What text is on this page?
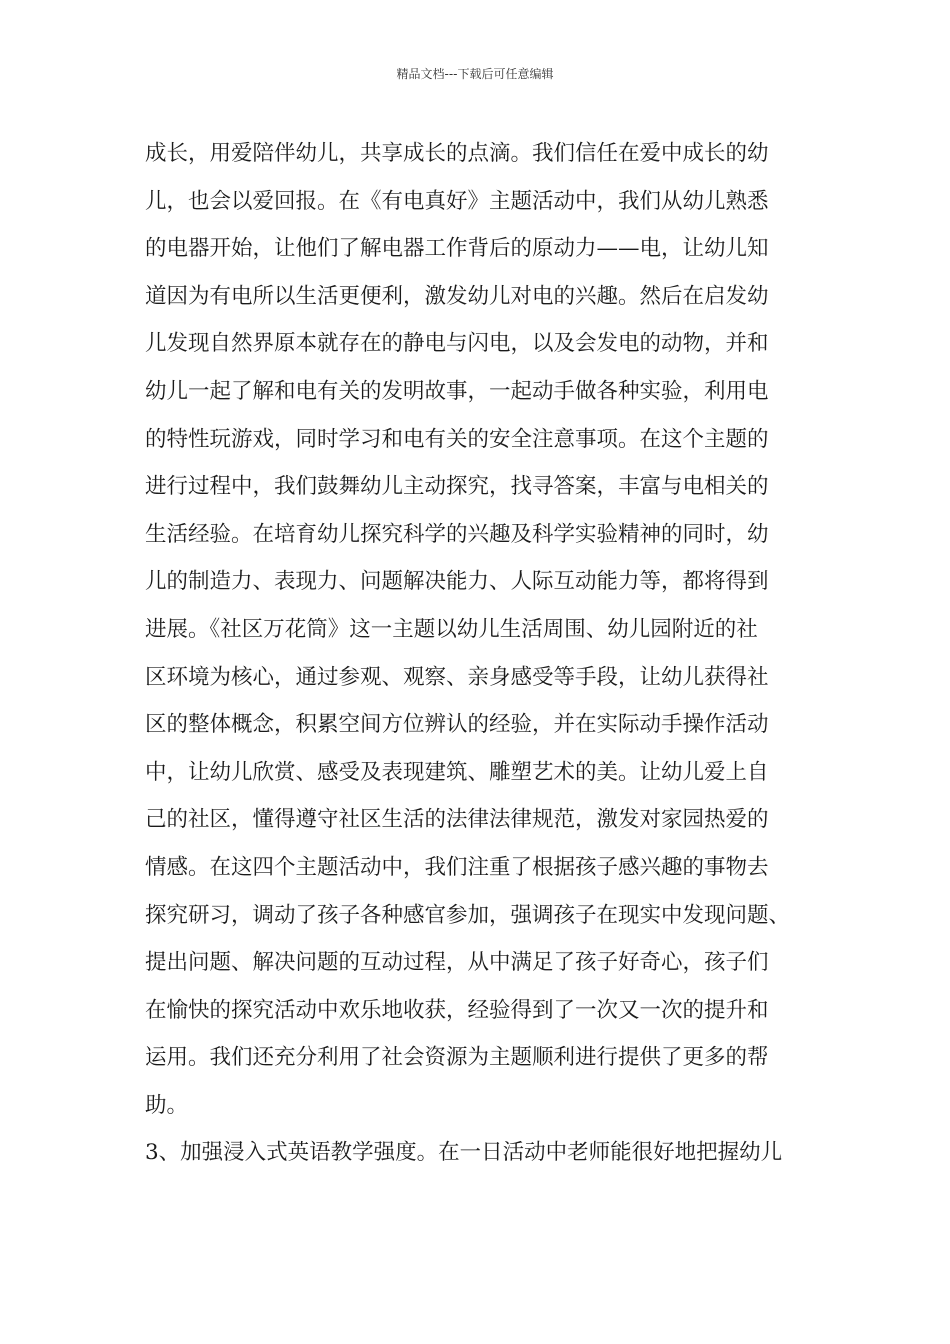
精品文档---下载后可任意编辑
成长，用爱陪伴幼儿，共享成长的点滴。我们信任在爱中成长的幼
儿，也会以爱回报。在《有电真好》主题活动中，我们从幼儿熟悉
的电器开始，让他们了解电器工作背后的原动力——电，让幼儿知
道因为有电所以生活更便利，激发幼儿对电的兴趣。然后在启发幼
儿发现自然界原本就存在的静电与闪电，以及会发电的动物，并和
幼儿一起了解和电有关的发明故事，一起动手做各种实验，利用电
的特性玩游戏，同时学习和电有关的安全注意事项。在这个主题的
进行过程中，我们鼓舞幼儿主动探究，找寻答案，丰富与电相关的
生活经验。在培育幼儿探究科学的兴趣及科学实验精神的同时，幼
儿的制造力、表现力、问题解决能力、人际互动能力等，都将得到
进展。《社区万花筒》这一主题以幼儿生活周围、幼儿园附近的社
区环境为核心，通过参观、观察、亲身感受等手段，让幼儿获得社
区的整体概念，积累空间方位辨认的经验，并在实际动手操作活动
中，让幼儿欣赏、感受及表现建筑、雕塑艺术的美。让幼儿爱上自
己的社区，懂得遵守社区生活的法律法律规范，激发对家园热爱的
情感。在这四个主题活动中，我们注重了根据孩子感兴趣的事物去
探究研习，调动了孩子各种感官参加，强调孩子在现实中发现问题、
提出问题、解决问题的互动过程，从中满足了孩子好奇心，孩子们
在愉快的探究活动中欢乐地收获，经验得到了一次又一次的提升和
运用。我们还充分利用了社会资源为主题顺利进行提供了更多的帮
助。
3、加强浸入式英语教学强度。在一日活动中老师能很好地把握幼儿
